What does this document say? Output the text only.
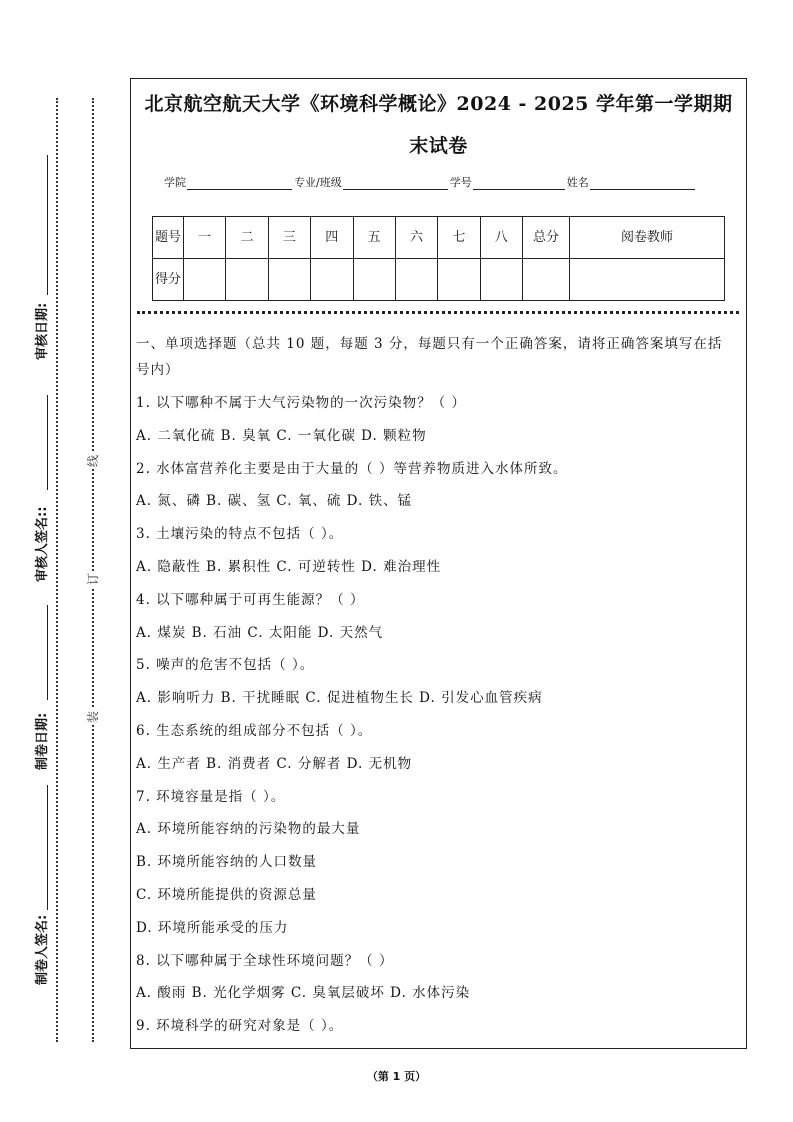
制卷人签名:
制卷日期:
审核人签名::
审核日期:
装
订
线
北京航空航天大学《环境科学概论》2024 - 2025 学年第一学期期
末试卷
学院	专业/班级	学号	姓名
题号	一	二	三	四	五	六	七	八	总分	阅卷教师
得分										
一、单项选择题（总共 10 题，每题 3 分，每题只有一个正确答案，请将正确答案填写在括号内）
1. 以下哪种不属于大气污染物的一次污染物？（ ）
A. 二氧化硫 B. 臭氧 C. 一氧化碳 D. 颗粒物
2. 水体富营养化主要是由于大量的（ ）等营养物质进入水体所致。
A. 氮、磷 B. 碳、氢 C. 氧、硫 D. 铁、锰
3. 土壤污染的特点不包括（ ）。
A. 隐蔽性 B. 累积性 C. 可逆转性 D. 难治理性
4. 以下哪种属于可再生能源？（ ）
A. 煤炭 B. 石油 C. 太阳能 D. 天然气
5. 噪声的危害不包括（ ）。
A. 影响听力 B. 干扰睡眠 C. 促进植物生长 D. 引发心血管疾病
6. 生态系统的组成部分不包括（ ）。
A. 生产者 B. 消费者 C. 分解者 D. 无机物
7. 环境容量是指（ ）。
A. 环境所能容纳的污染物的最大量
B. 环境所能容纳的人口数量
C. 环境所能提供的资源总量
D. 环境所能承受的压力
8. 以下哪种属于全球性环境问题？（ ）
A. 酸雨 B. 光化学烟雾 C. 臭氧层破坏 D. 水体污染
9. 环境科学的研究对象是（ ）。
（第 1 页）
